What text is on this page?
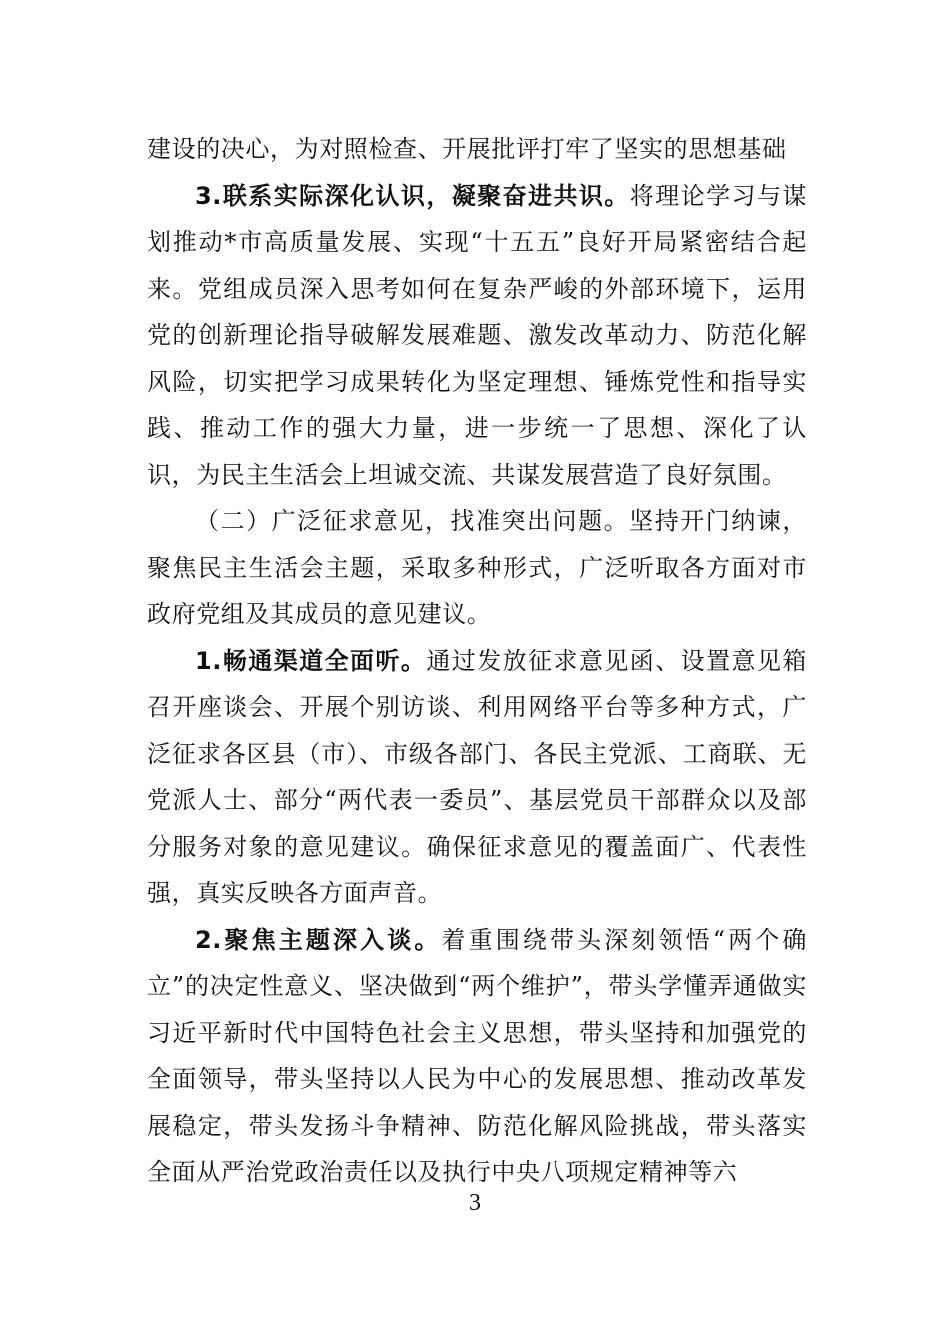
建设的决心，为对照检查、开展批评打牢了坚实的思想基础

3.联系实际深化认识，凝聚奋进共识。将理论学习与谋划推动*市高质量发展、实现“十五五”良好开局紧密结合起来。党组成员深入思考如何在复杂严峻的外部环境下，运用党的创新理论指导破解发展难题、激发改革动力、防范化解风险，切实把学习成果转化为坚定理想、锤炼党性和指导实践、推动工作的强大力量，进一步统一了思想、深化了认识，为民主生活会上坦诚交流、共谋发展营造了良好氛围。

（二）广泛征求意见，找准突出问题。坚持开门纳谏，聚焦民主生活会主题，采取多种形式，广泛听取各方面对市政府党组及其成员的意见建议。

1.畅通渠道全面听。通过发放征求意见函、设置意见箱召开座谈会、开展个别访谈、利用网络平台等多种方式，广泛征求各区县（市）、市级各部门、各民主党派、工商联、无党派人士、部分“两代表一委员”、基层党员干部群众以及部分服务对象的意见建议。确保征求意见的覆盖面广、代表性强，真实反映各方面声音。

2.聚焦主题深入谈。着重围绕带头深刻领悟“两个确立”的决定性意义、坚决做到“两个维护”，带头学懂弄通做实习近平新时代中国特色社会主义思想，带头坚持和加强党的全面领导，带头坚持以人民为中心的发展思想、推动改革发展稳定，带头发扬斗争精神、防范化解风险挑战，带头落实全面从严治党政治责任以及执行中央八项规定精神等六

3
